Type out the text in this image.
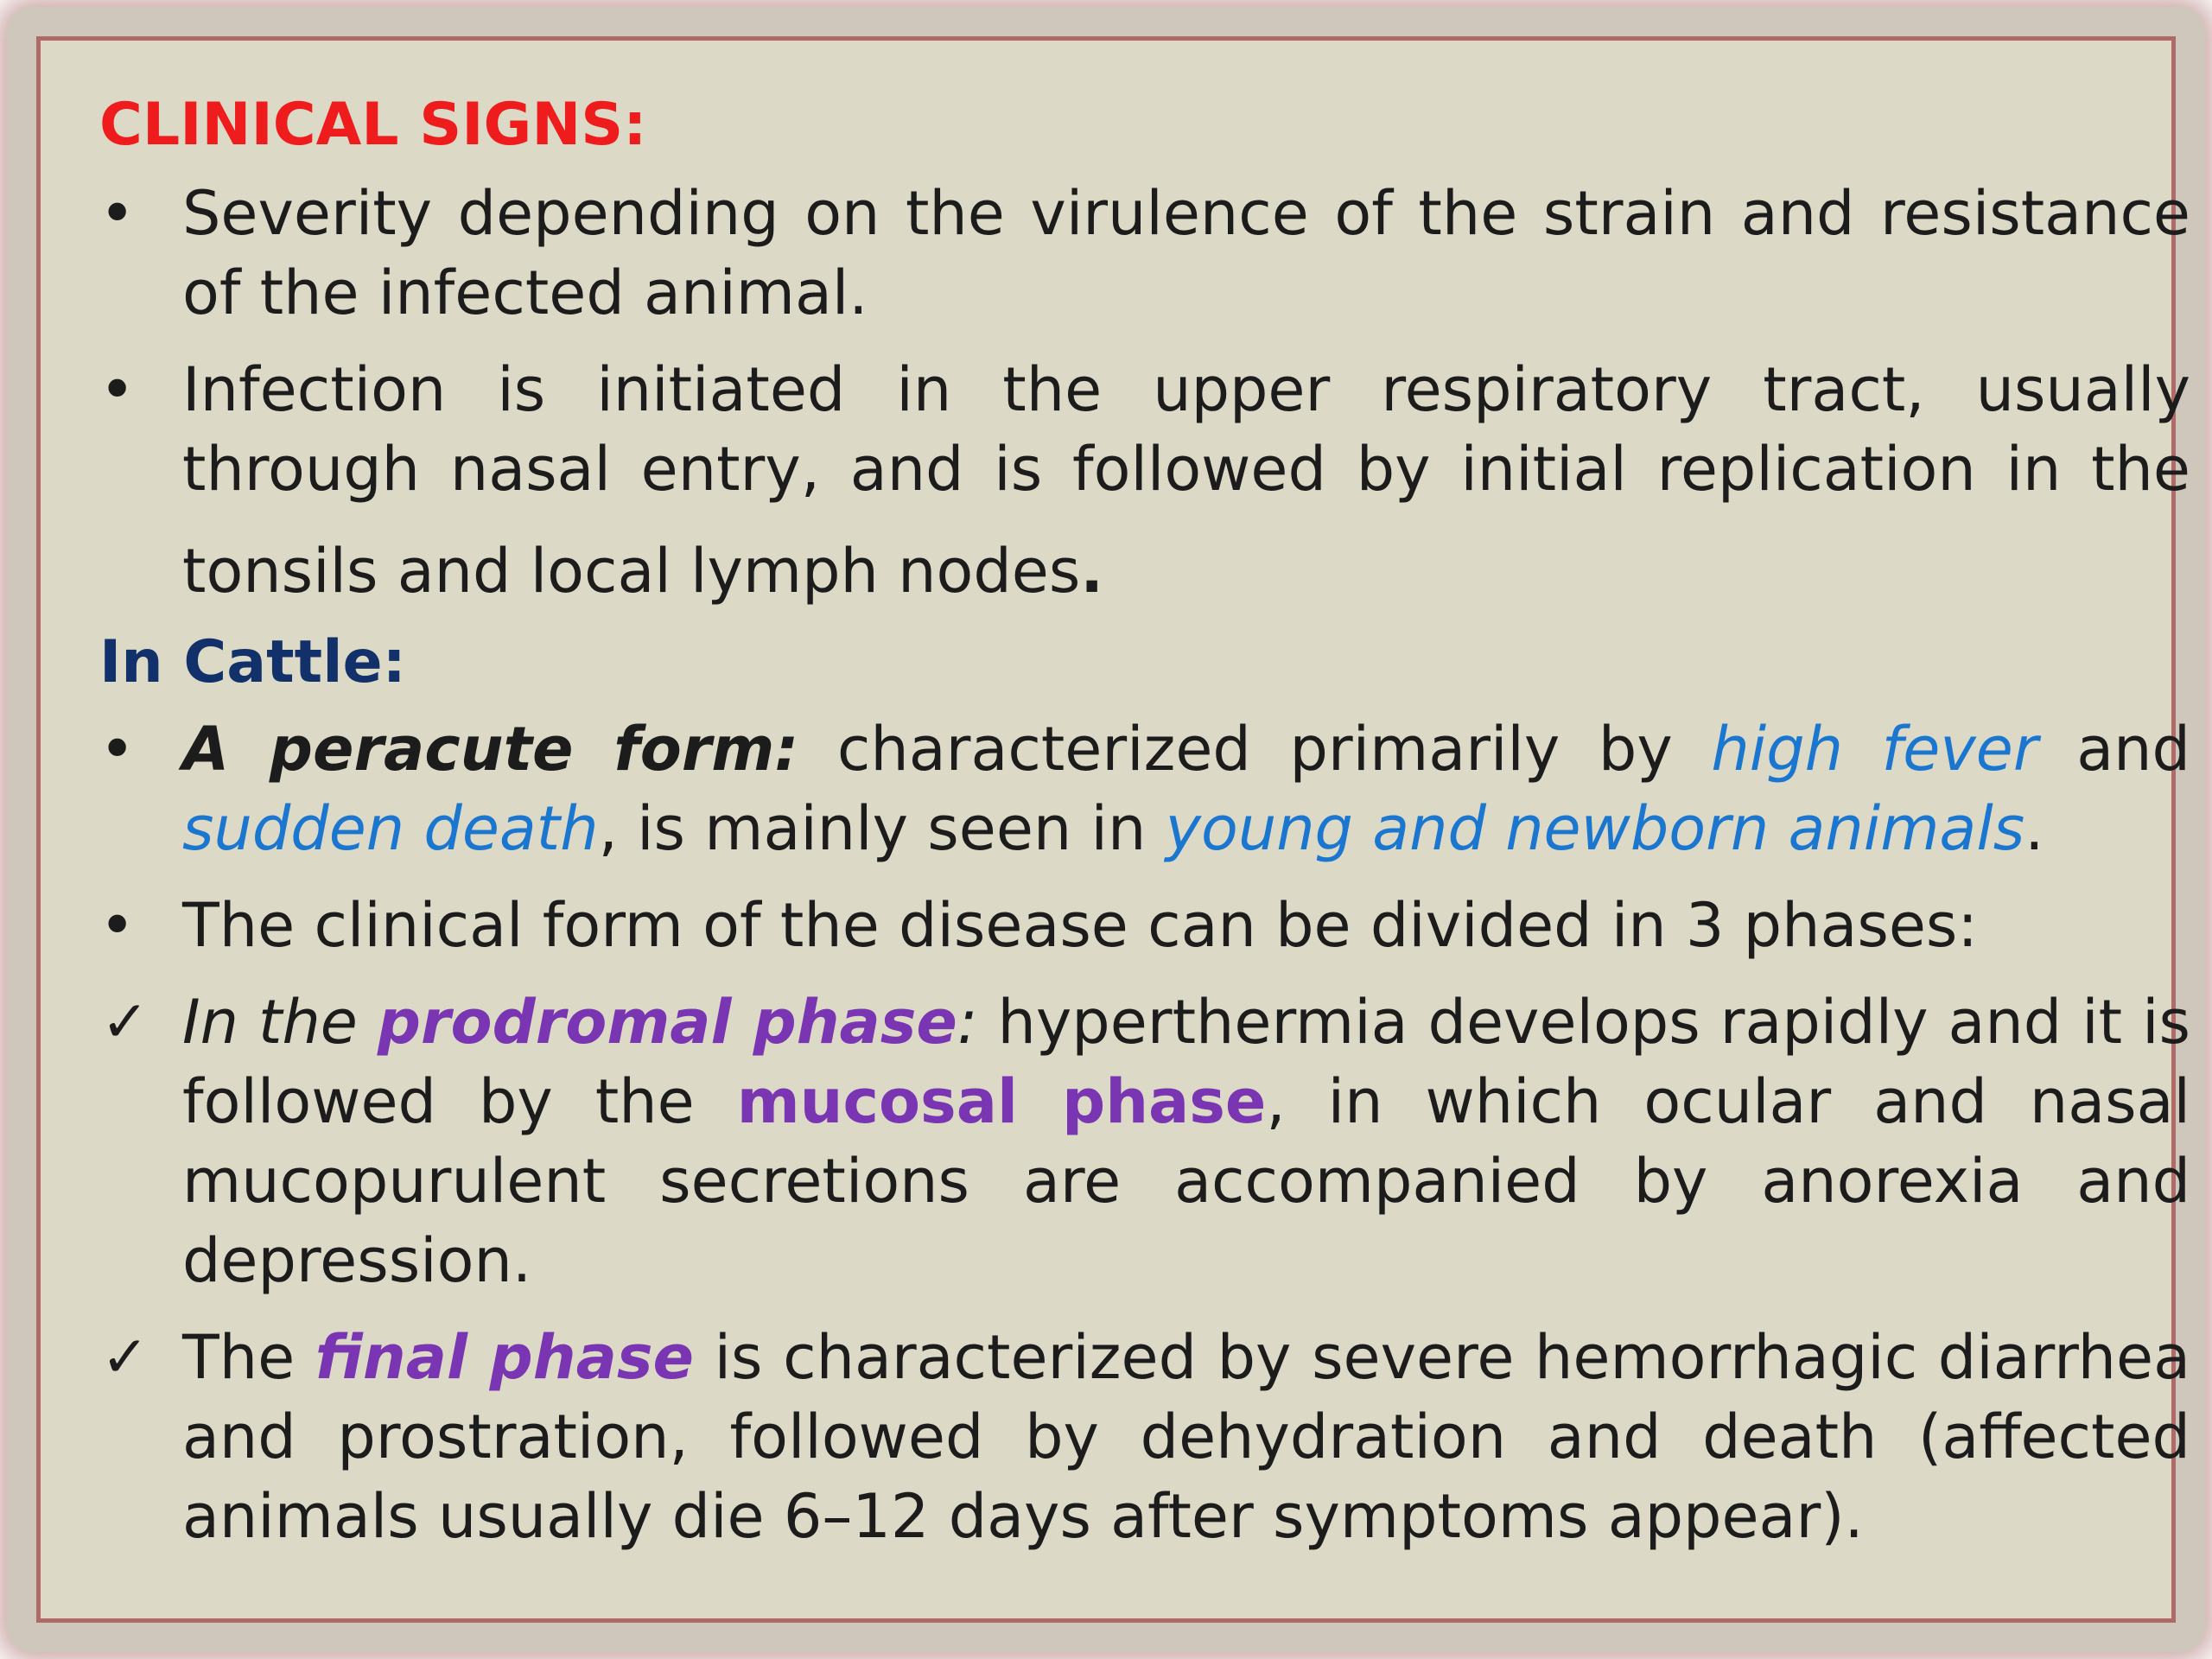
CLINICAL SIGNS:
• Severity depending on the virulence of the strain and resistance of the infected animal.
• Infection is initiated in the upper respiratory tract, usually through nasal entry, and is followed by initial replication in the tonsils and local lymph nodes.
In Cattle:
• A peracute form: characterized primarily by high fever and sudden death, is mainly seen in young and newborn animals.
• The clinical form of the disease can be divided in 3 phases:
✓ In the prodromal phase: hyperthermia develops rapidly and it is followed by the mucosal phase, in which ocular and nasal mucopurulent secretions are accompanied by anorexia and depression.
✓ The final phase is characterized by severe hemorrhagic diarrhea and prostration, followed by dehydration and death (affected animals usually die 6–12 days after symptoms appear).
